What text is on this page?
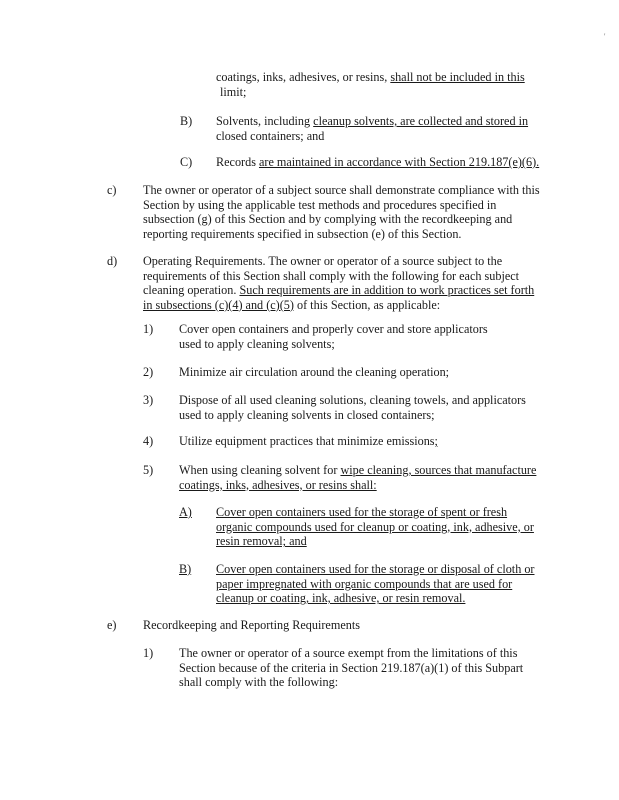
'

coatings, inks, adhesives, or resins, shall not be included in this

limit;

B) Solvents, including cleanup solvents, are collected and stored in

closed containers; and

C) Records are maintained in accordance with Section 219.187(e)(6).

c) The owner or operator of a subject source shall demonstrate compliance with this

Section by using the applicable test methods and procedures specified in

subsection (g) of this Section and by complying with the recordkeeping and

reporting requirements specified in subsection (e) of this Section.

d) Operating Requirements. The owner or operator of a source subject to the

requirements of this Section shall comply with the following for each subject

cleaning operation. Such requirements are in addition to work practices set forth

in subsections (c)(4) and (c)(5) of this Section, as applicable:

1) Cover open containers and properly cover and store applicators

used to apply cleaning solvents;

2) Minimize air circulation around the cleaning operation;

3) Dispose of all used cleaning solutions, cleaning towels, and applicators

used to apply cleaning solvents in closed containers;

4) Utilize equipment practices that minimize emissions;

5) When using cleaning solvent for wipe cleaning, sources that manufacture

coatings, inks, adhesives, or resins shall:

A) Cover open containers used for the storage of spent or fresh

organic compounds used for cleanup or coating, ink, adhesive, or

resin removal; and

B) Cover open containers used for the storage or disposal of cloth or

paper impregnated with organic compounds that are used for

cleanup or coating, ink, adhesive, or resin removal.

e) Recordkeeping and Reporting Requirements

1) The owner or operator of a source exempt from the limitations of this

Section because of the criteria in Section 219.187(a)(1) of this Subpart

shall comply with the following:
